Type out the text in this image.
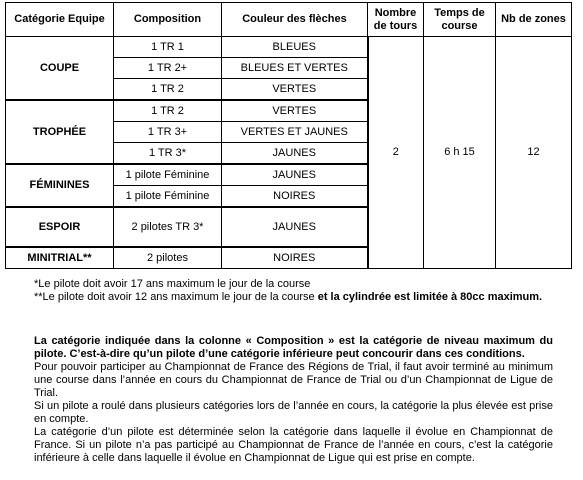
Catégorie Equipe	Composition	Couleur des flèches	Nombre de tours	Temps de course	Nb de zones
COUPE	1 TR 1	BLEUES	2	6 h 15	12
	1 TR 2+	BLEUES ET VERTES			
	1 TR 2	VERTES			
TROPHÉE	1 TR 2	VERTES			
	1 TR 3+	VERTES ET JAUNES			
	1 TR 3*	JAUNES			
FÉMININES	1 pilote Féminine	JAUNES			
	1 pilote Féminine	NOIRES			
ESPOIR	2 pilotes TR 3*	JAUNES			
MINITRIAL**	2 pilotes	NOIRES			

*Le pilote doit avoir 17 ans maximum le jour de la course

**Le pilote doit avoir 12 ans maximum le jour de la course et la cylindrée est limitée à 80cc maximum.

La catégorie indiquée dans la colonne « Composition » est la catégorie de niveau maximum du pilote. C’est-à-dire qu’un pilote d’une catégorie inférieure peut concourir dans ces conditions.

Pour pouvoir participer au Championnat de France des Régions de Trial, il faut avoir terminé au minimum une course dans l’année en cours du Championnat de France de Trial ou d’un Championnat de Ligue de Trial.

Si un pilote a roulé dans plusieurs catégories lors de l’année en cours, la catégorie la plus élevée est prise en compte.

La catégorie d’un pilote est déterminée selon la catégorie dans laquelle il évolue en Championnat de France. Si un pilote n’a pas participé au Championnat de France de l’année en cours, c’est la catégorie inférieure à celle dans laquelle il évolue en Championnat de Ligue qui est prise en compte.
